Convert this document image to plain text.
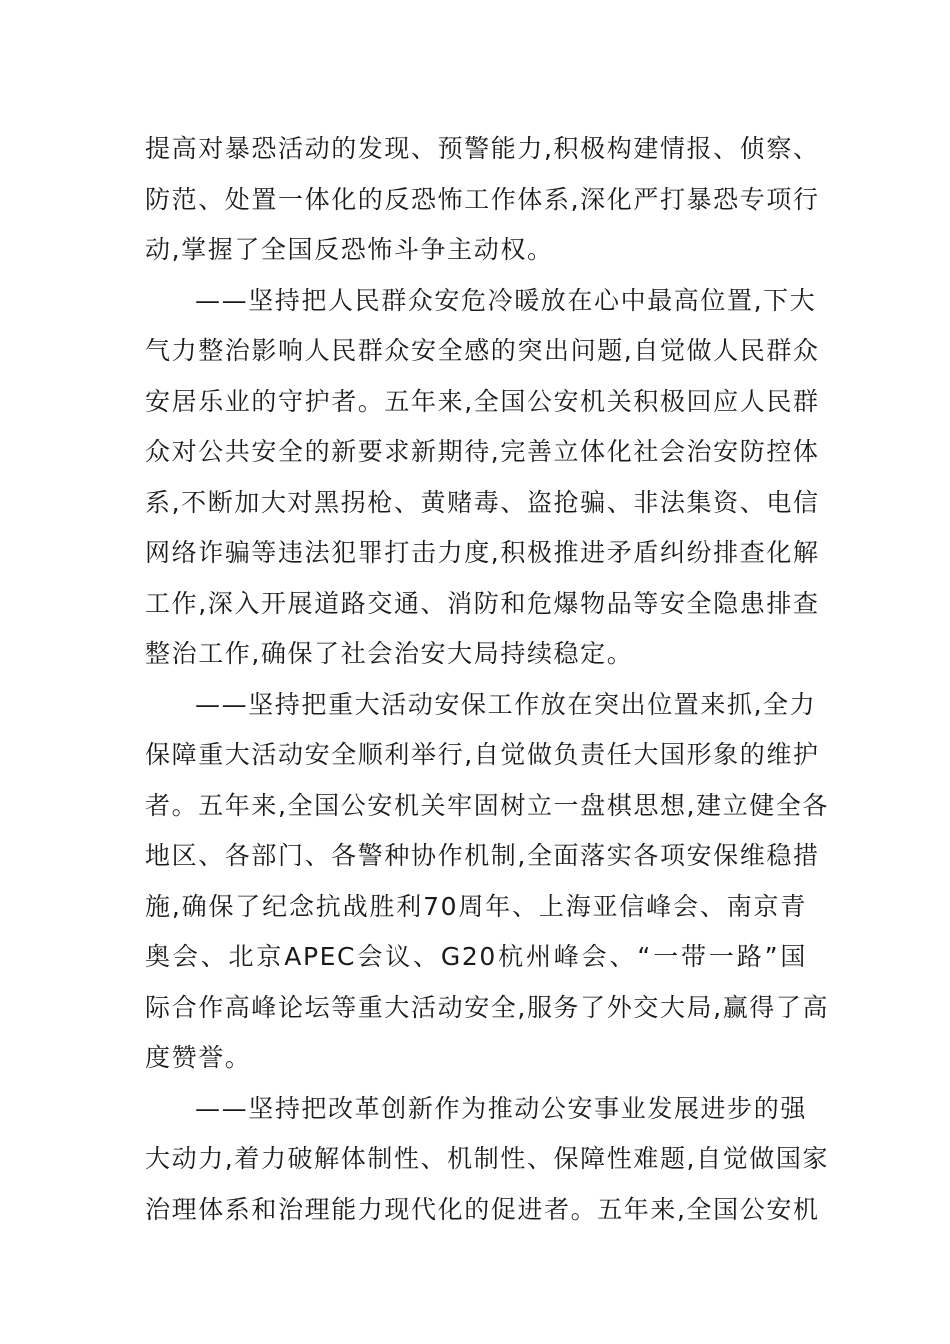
提高对暴恐活动的发现、预警能力,积极构建情报、侦察、
防范、处置一体化的反恐怖工作体系,深化严打暴恐专项行
动,掌握了全国反恐怖斗争主动权。
——坚持把人民群众安危冷暖放在心中最高位置,下大
气力整治影响人民群众安全感的突出问题,自觉做人民群众
安居乐业的守护者。五年来,全国公安机关积极回应人民群
众对公共安全的新要求新期待,完善立体化社会治安防控体
系,不断加大对黑拐枪、黄赌毒、盗抢骗、非法集资、电信
网络诈骗等违法犯罪打击力度,积极推进矛盾纠纷排查化解
工作,深入开展道路交通、消防和危爆物品等安全隐患排查
整治工作,确保了社会治安大局持续稳定。
——坚持把重大活动安保工作放在突出位置来抓,全力
保障重大活动安全顺利举行,自觉做负责任大国形象的维护
者。五年来,全国公安机关牢固树立一盘棋思想,建立健全各
地区、各部门、各警种协作机制,全面落实各项安保维稳措
施,确保了纪念抗战胜利70周年、上海亚信峰会、南京青
奥会、北京APEC会议、G20杭州峰会、“一带一路”国
际合作高峰论坛等重大活动安全,服务了外交大局,赢得了高
度赞誉。
——坚持把改革创新作为推动公安事业发展进步的强
大动力,着力破解体制性、机制性、保障性难题,自觉做国家
治理体系和治理能力现代化的促进者。五年来,全国公安机
